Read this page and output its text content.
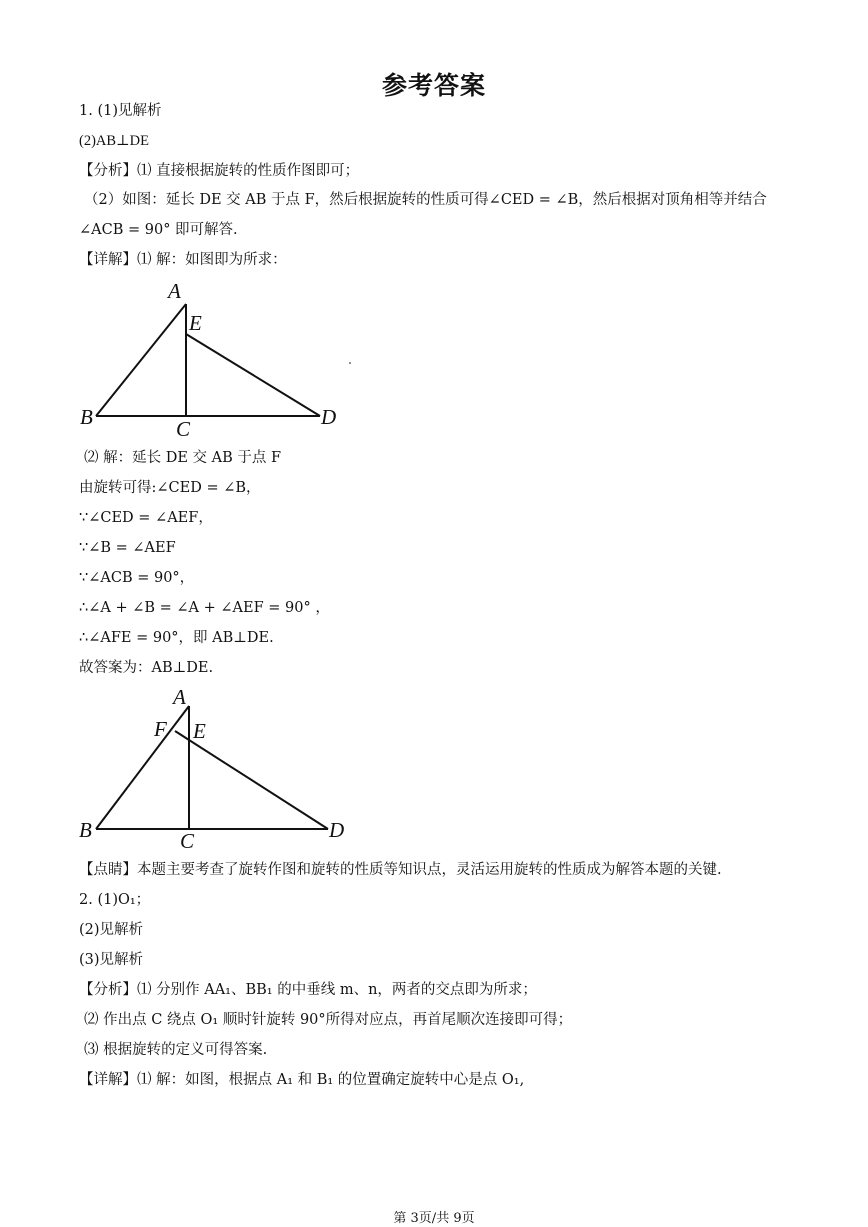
参考答案
1. (1)见解析
(2)AB⊥DE
【分析】⑴ 直接根据旋转的性质作图即可；
（2）如图：延长 DE 交 AB 于点 F，然后根据旋转的性质可得∠CED = ∠B，然后根据对顶角相等并结合
∠ACB = 90° 即可解答.
【详解】⑴ 解：如图即为所求：
A
E
B	C	D
⑵ 解：延长 DE 交 AB 于点 F
由旋转可得:∠CED = ∠B，
∵∠CED = ∠AEF，
∵∠B = ∠AEF
∵∠ACB = 90°，
∴∠A + ∠B = ∠A + ∠AEF = 90° ，
∴∠AFE = 90°，即 AB⊥DE.
故答案为：AB⊥DE.
A
F E
B	C	D
【点睛】本题主要考查了旋转作图和旋转的性质等知识点，灵活运用旋转的性质成为解答本题的关键.
2. (1)O₁；
(2)见解析
(3)见解析
【分析】⑴ 分别作 AA₁、BB₁ 的中垂线 m、n，两者的交点即为所求；
⑵ 作出点 C 绕点 O₁ 顺时针旋转 90°所得对应点，再首尾顺次连接即可得；
⑶ 根据旋转的定义可得答案.
【详解】⑴ 解：如图，根据点 A₁ 和 B₁ 的位置确定旋转中心是点 O₁,
第 3页/共 9页
